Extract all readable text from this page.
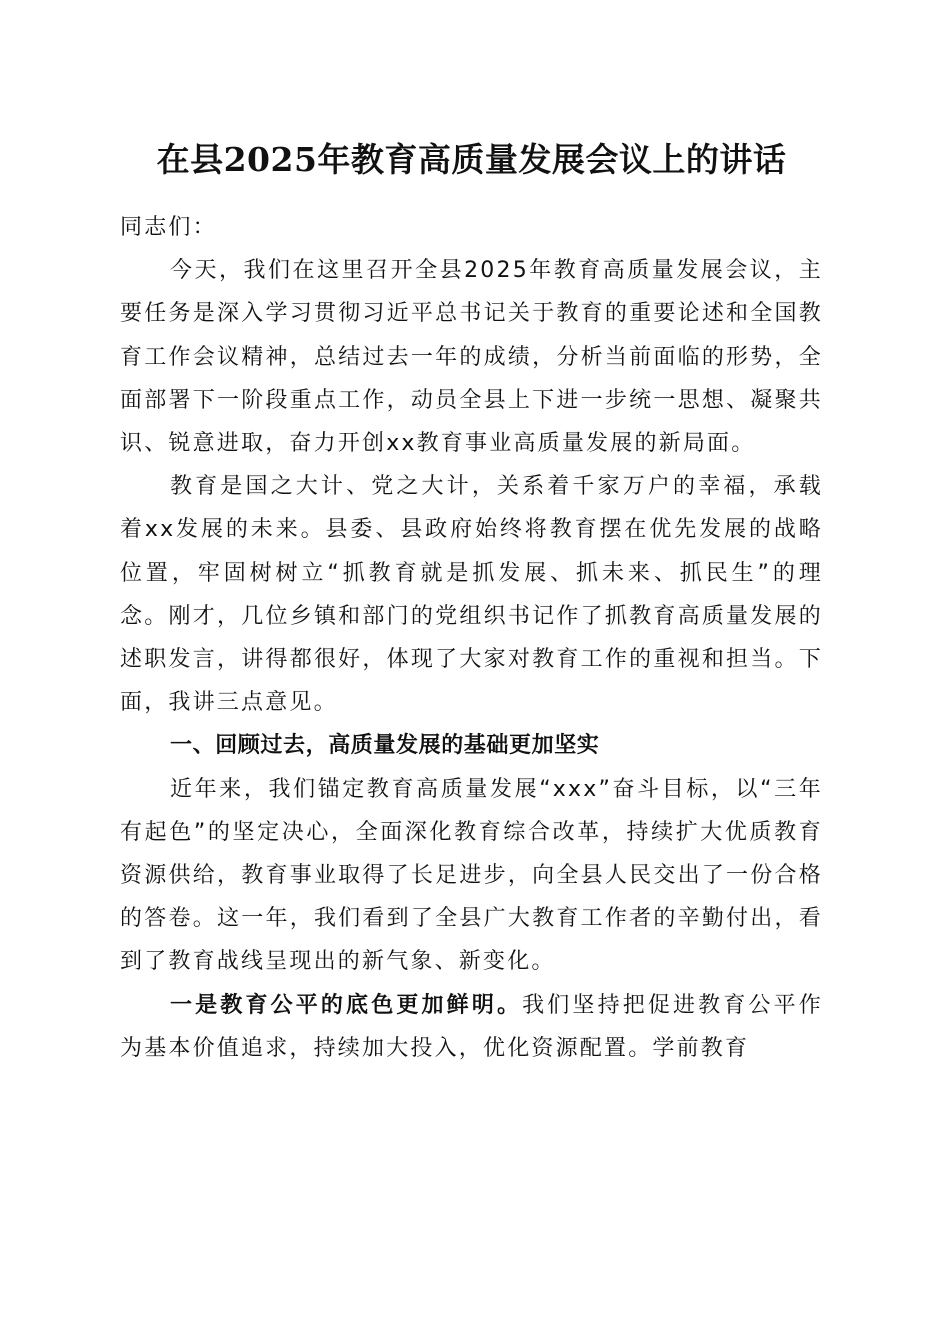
在县2025年教育高质量发展会议上的讲话

同志们：

今天，我们在这里召开全县2025年教育高质量发展会议，主要任务是深入学习贯彻习近平总书记关于教育的重要论述和全国教育工作会议精神，总结过去一年的成绩，分析当前面临的形势，全面部署下一阶段重点工作，动员全县上下进一步统一思想、凝聚共识、锐意进取，奋力开创xx教育事业高质量发展的新局面。

教育是国之大计、党之大计，关系着千家万户的幸福，承载着xx发展的未来。县委、县政府始终将教育摆在优先发展的战略位置，牢固树树立“抓教育就是抓发展、抓未来、抓民生”的理念。刚才，几位乡镇和部门的党组织书记作了抓教育高质量发展的述职发言，讲得都很好，体现了大家对教育工作的重视和担当。下面，我讲三点意见。

一、回顾过去，高质量发展的基础更加坚实

近年来，我们锚定教育高质量发展“xxx”奋斗目标，以“三年有起色”的坚定决心，全面深化教育综合改革，持续扩大优质教育资源供给，教育事业取得了长足进步，向全县人民交出了一份合格的答卷。这一年，我们看到了全县广大教育工作者的辛勤付出，看到了教育战线呈现出的新气象、新变化。

一是教育公平的底色更加鲜明。我们坚持把促进教育公平作为基本价值追求，持续加大投入，优化资源配置。学前教育
